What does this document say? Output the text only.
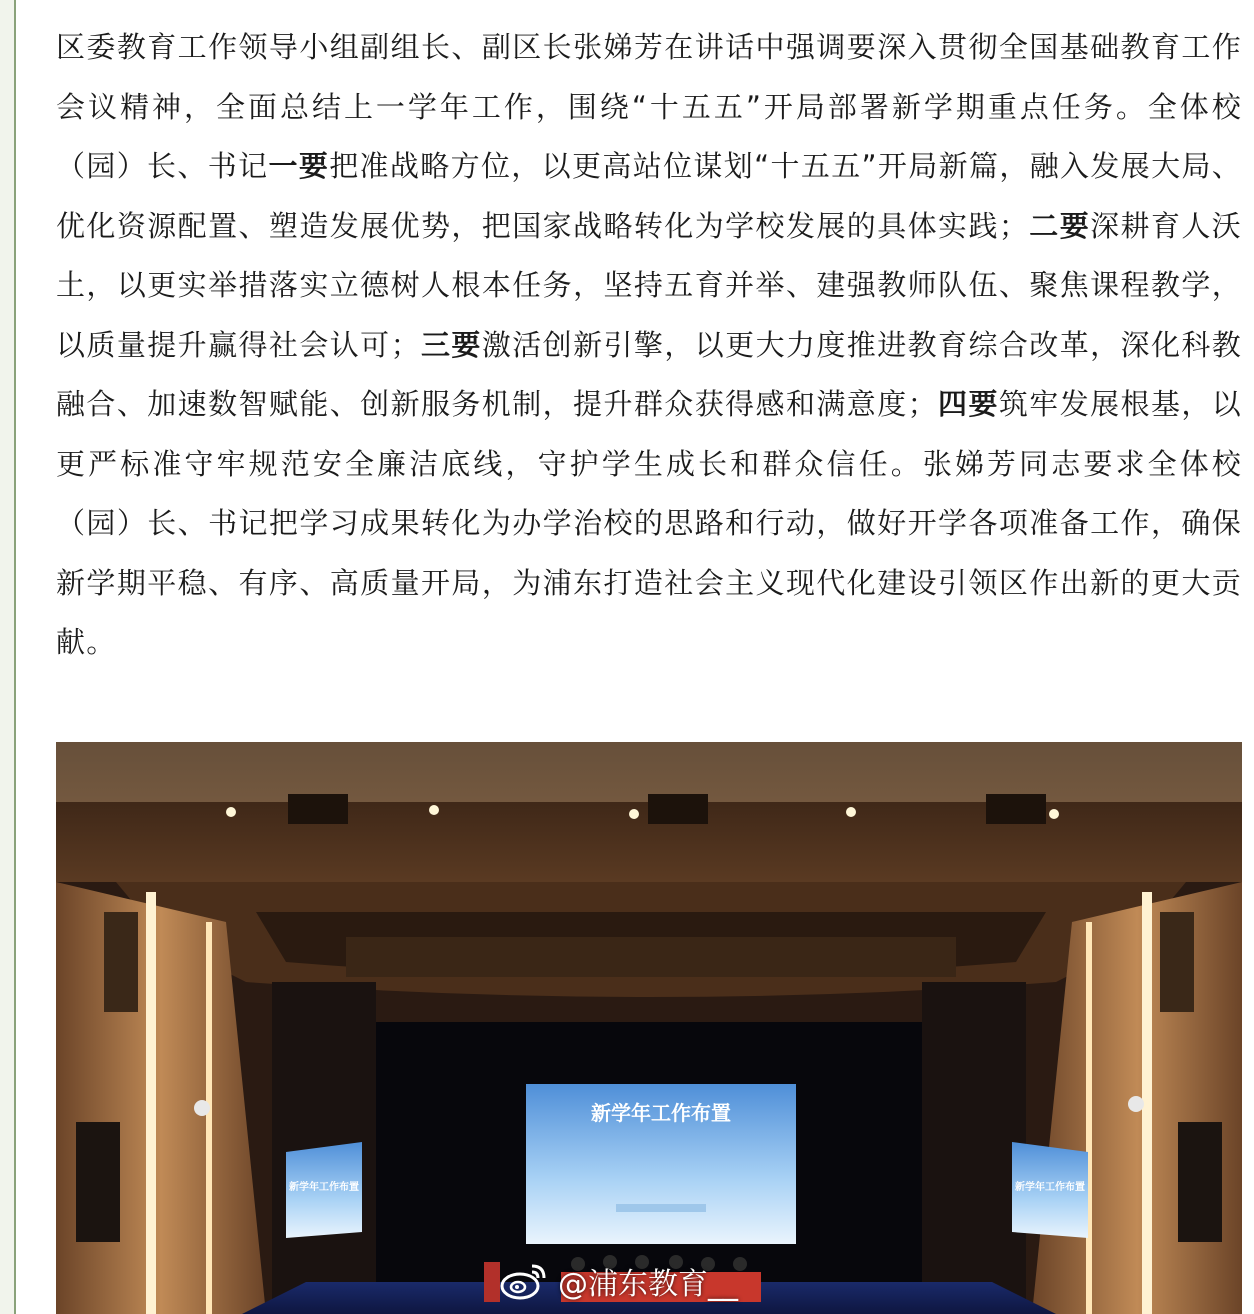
区委教育工作领导小组副组长、副区长张娣芳在讲话中强调要深入贯彻全国基础教育工作会议精神，全面总结上一学年工作，围绕“十五五”开局部署新学期重点任务。全体校（园）长、书记一要把准战略方位，以更高站位谋划“十五五”开局新篇，融入发展大局、优化资源配置、塑造发展优势，把国家战略转化为学校发展的具体实践；二要深耕育人沃土，以更实举措落实立德树人根本任务，坚持五育并举、建强教师队伍、聚焦课程教学，以质量提升赢得社会认可；三要激活创新引擎，以更大力度推进教育综合改革，深化科教融合、加速数智赋能、创新服务机制，提升群众获得感和满意度；四要筑牢发展根基，以更严标准守牢规范安全廉洁底线，守护学生成长和群众信任。张娣芳同志要求全体校（园）长、书记把学习成果转化为办学治校的思路和行动，做好开学各项准备工作，确保新学期平稳、有序、高质量开局，为浦东打造社会主义现代化建设引领区作出新的更大贡献。

新学年工作布置
新学年工作布置	新学年工作布置
@浦东教育__
